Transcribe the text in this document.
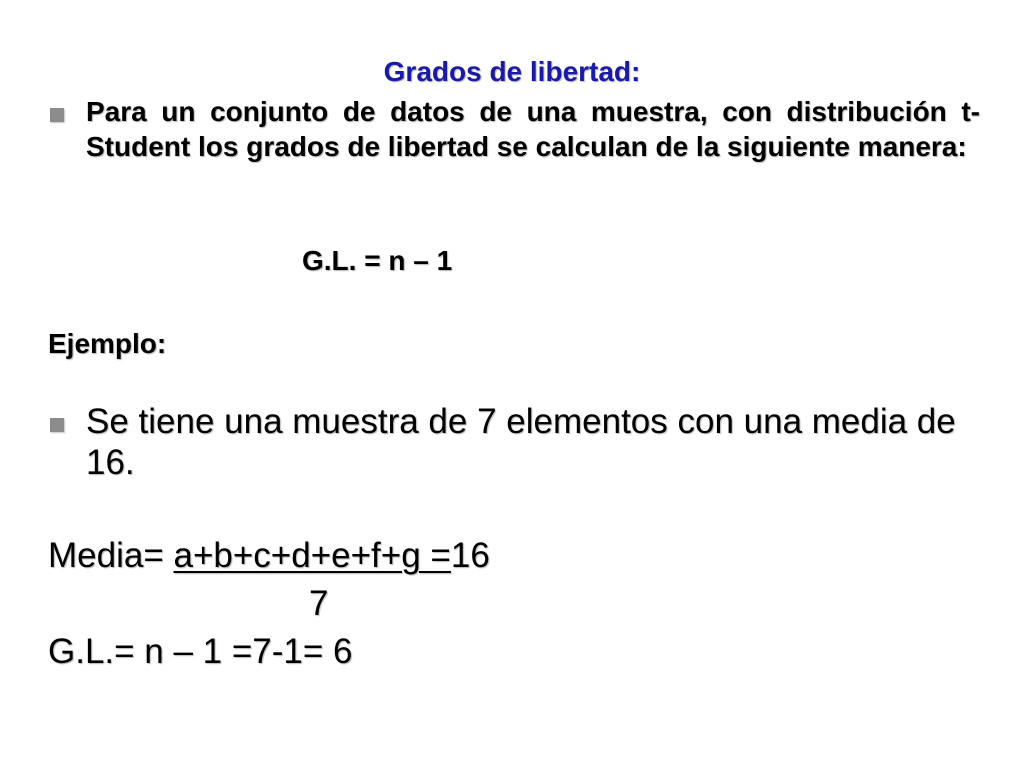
Grados de libertad:
Para un conjunto de datos de una muestra, con distribución t-Student los grados de libertad se calculan de la siguiente manera:
G.L. = n – 1
Ejemplo:
Se tiene una muestra de 7 elementos con una media de 16.
Media= a+b+c+d+e+f+g =16
7
G.L.= n – 1 =7-1= 6
